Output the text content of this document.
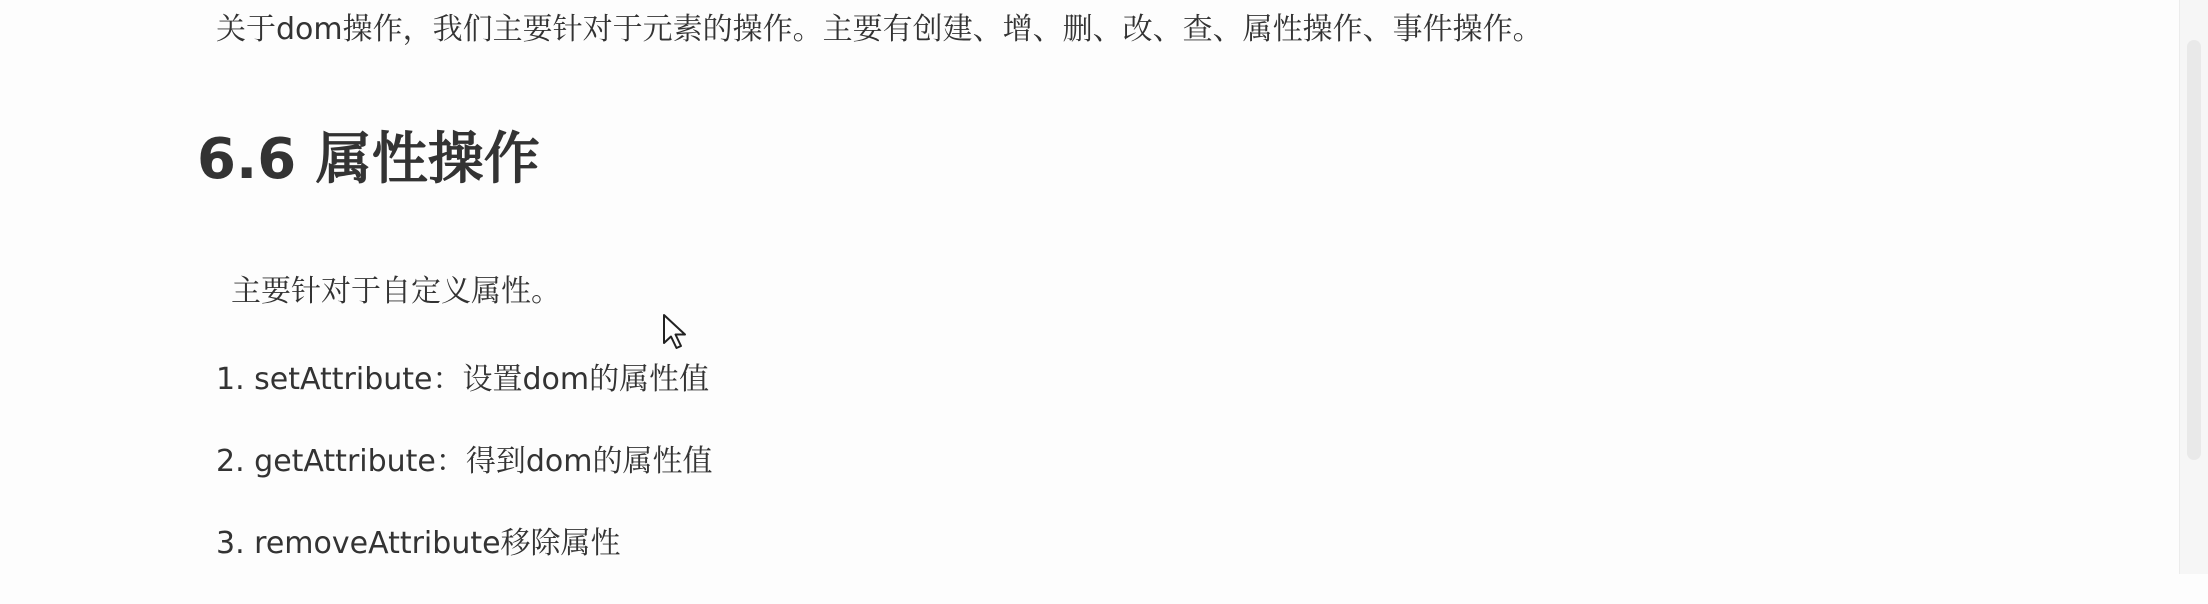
关于dom操作，我们主要针对于元素的操作。主要有创建、增、删、改、查、属性操作、事件操作。
6.6 属性操作
主要针对于自定义属性。
1. setAttribute：设置dom的属性值
2. getAttribute：得到dom的属性值
3. removeAttribute移除属性
